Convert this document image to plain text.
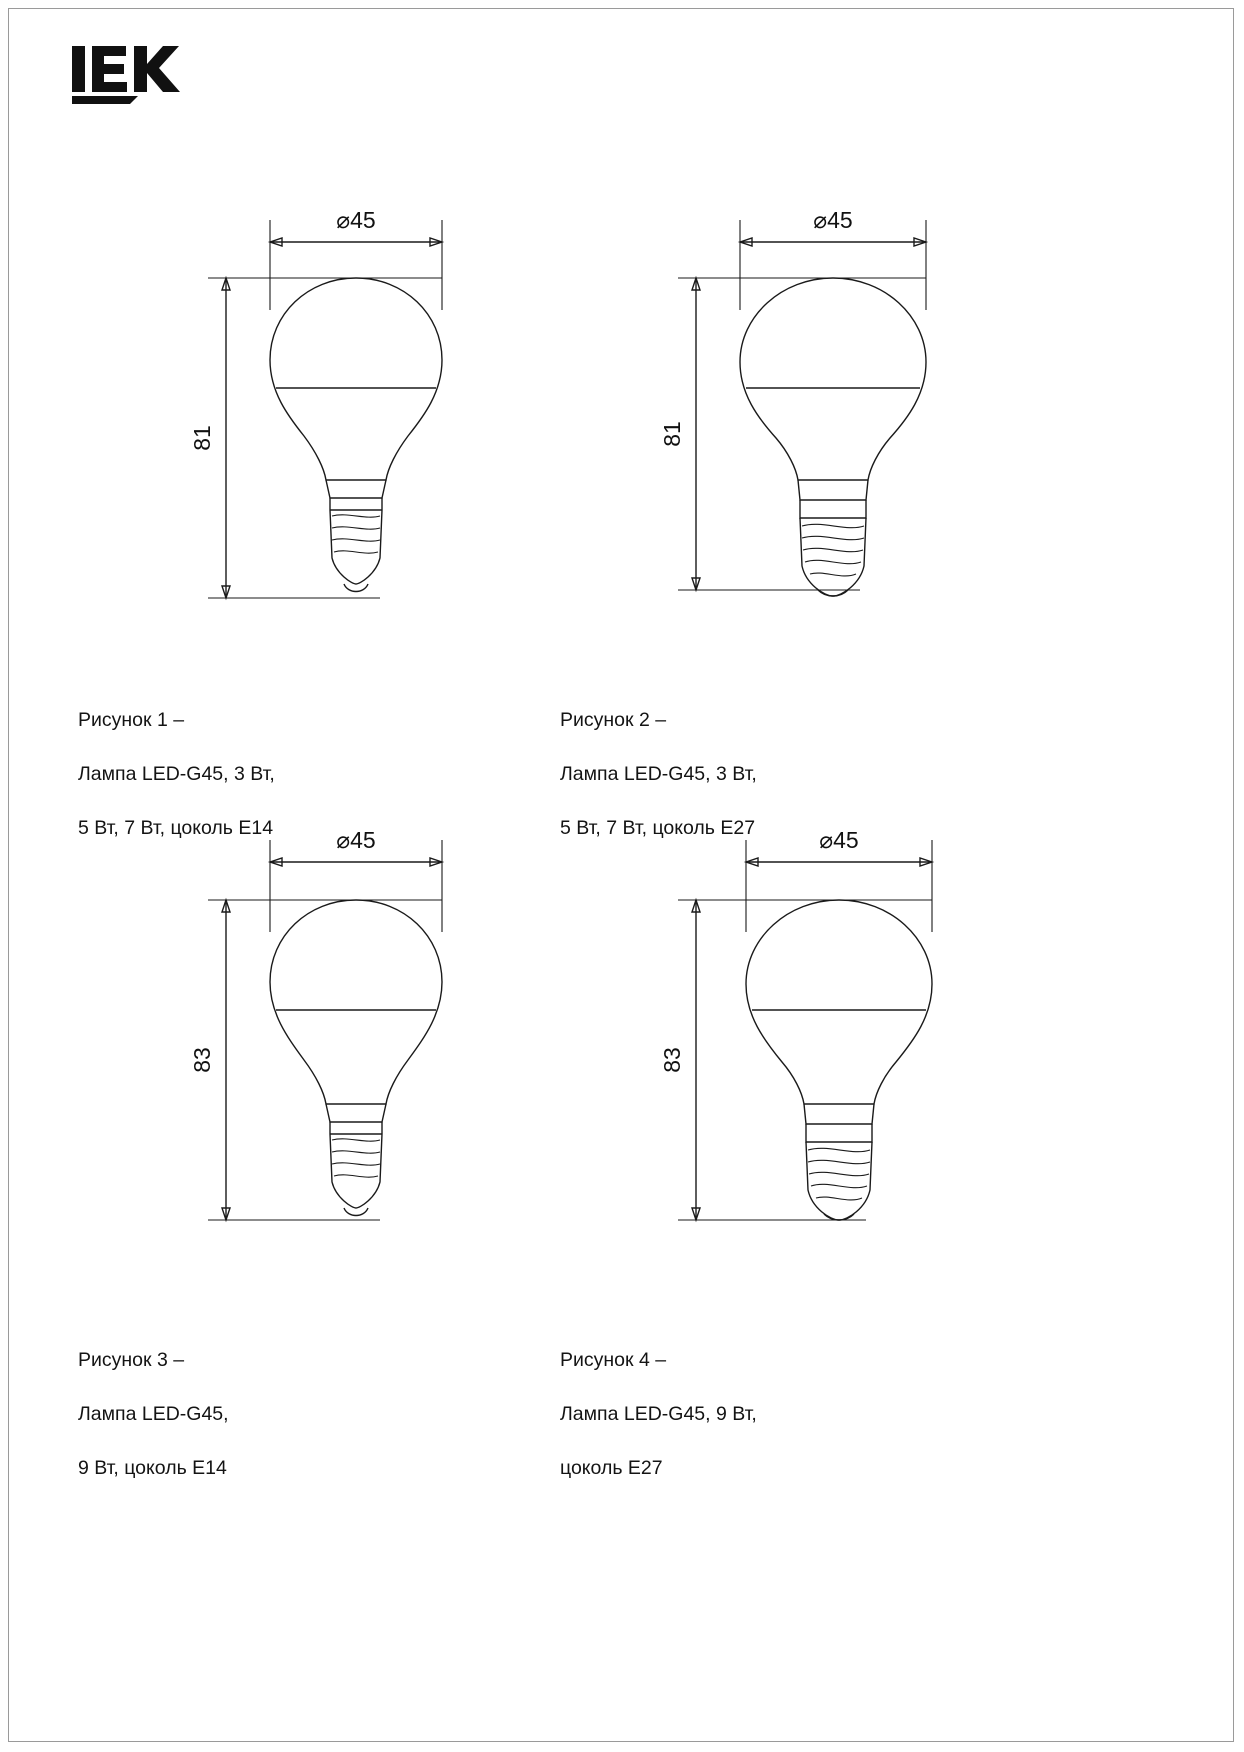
⌀45
81
⌀45
81
⌀45
83
⌀45
83

Рисунок 1 –

Лампа LED-G45, 3 Вт,

5 Вт, 7 Вт, цоколь E14

Рисунок 2 –

Лампа LED-G45, 3 Вт,

5 Вт, 7 Вт, цоколь E27

Рисунок 3 –

Лампа LED-G45,

9 Вт, цоколь E14

Рисунок 4 –

Лампа LED-G45, 9 Вт,

цоколь E27
